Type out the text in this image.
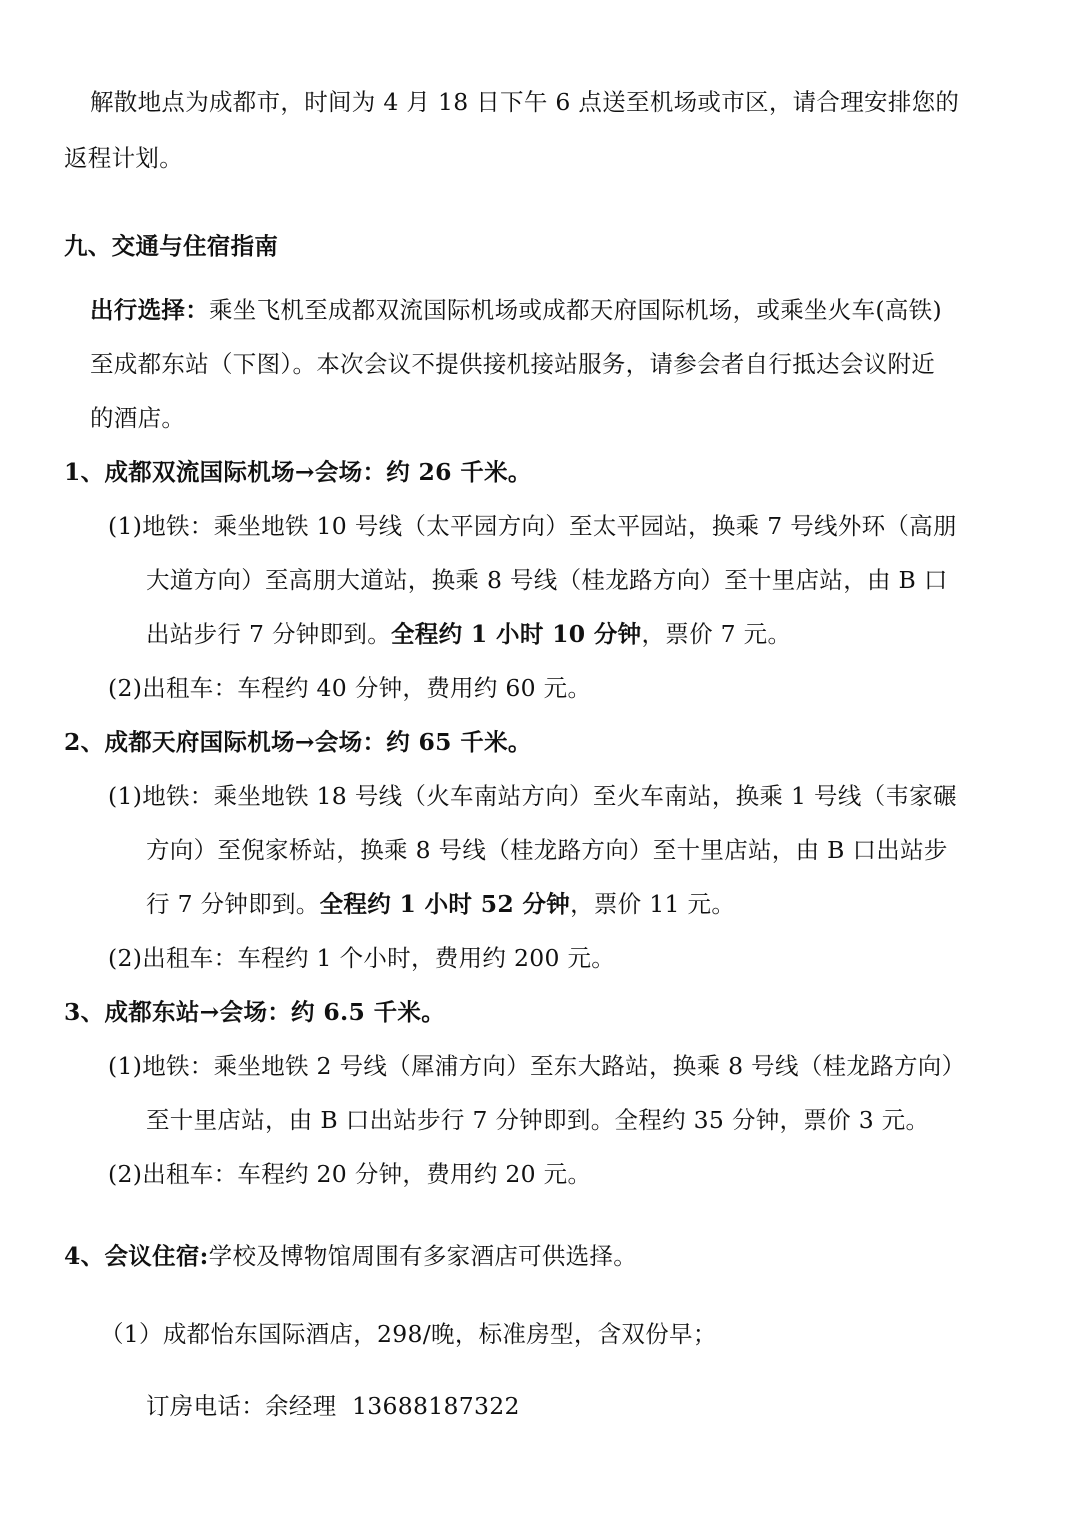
解散地点为成都市，时间为 4 月 18 日下午 6 点送至机场或市区，请合理安排您的
返程计划。
九、交通与住宿指南
出行选择：乘坐飞机至成都双流国际机场或成都天府国际机场，或乘坐火车(高铁)
至成都东站（下图）。本次会议不提供接机接站服务，请参会者自行抵达会议附近
的酒店。
1、成都双流国际机场→会场：约 26 千米。
(1)地铁：乘坐地铁 10 号线（太平园方向）至太平园站，换乘 7 号线外环（高朋
大道方向）至高朋大道站，换乘 8 号线（桂龙路方向）至十里店站，由 B 口
出站步行 7 分钟即到。全程约 1 小时 10 分钟，票价 7 元。
(2)出租车：车程约 40 分钟，费用约 60 元。
2、成都天府国际机场→会场：约 65 千米。
(1)地铁：乘坐地铁 18 号线（火车南站方向）至火车南站，换乘 1 号线（韦家碾
方向）至倪家桥站，换乘 8 号线（桂龙路方向）至十里店站，由 B 口出站步
行 7 分钟即到。全程约 1 小时 52 分钟，票价 11 元。
(2)出租车：车程约 1 个小时，费用约 200 元。
3、成都东站→会场：约 6.5 千米。
(1)地铁：乘坐地铁 2 号线（犀浦方向）至东大路站，换乘 8 号线（桂龙路方向）
至十里店站，由 B 口出站步行 7 分钟即到。全程约 35 分钟，票价 3 元。
(2)出租车：车程约 20 分钟，费用约 20 元。
4、会议住宿:学校及博物馆周围有多家酒店可供选择。
（1）成都怡东国际酒店，298/晚，标准房型，含双份早；
订房电话：余经理  13688187322
